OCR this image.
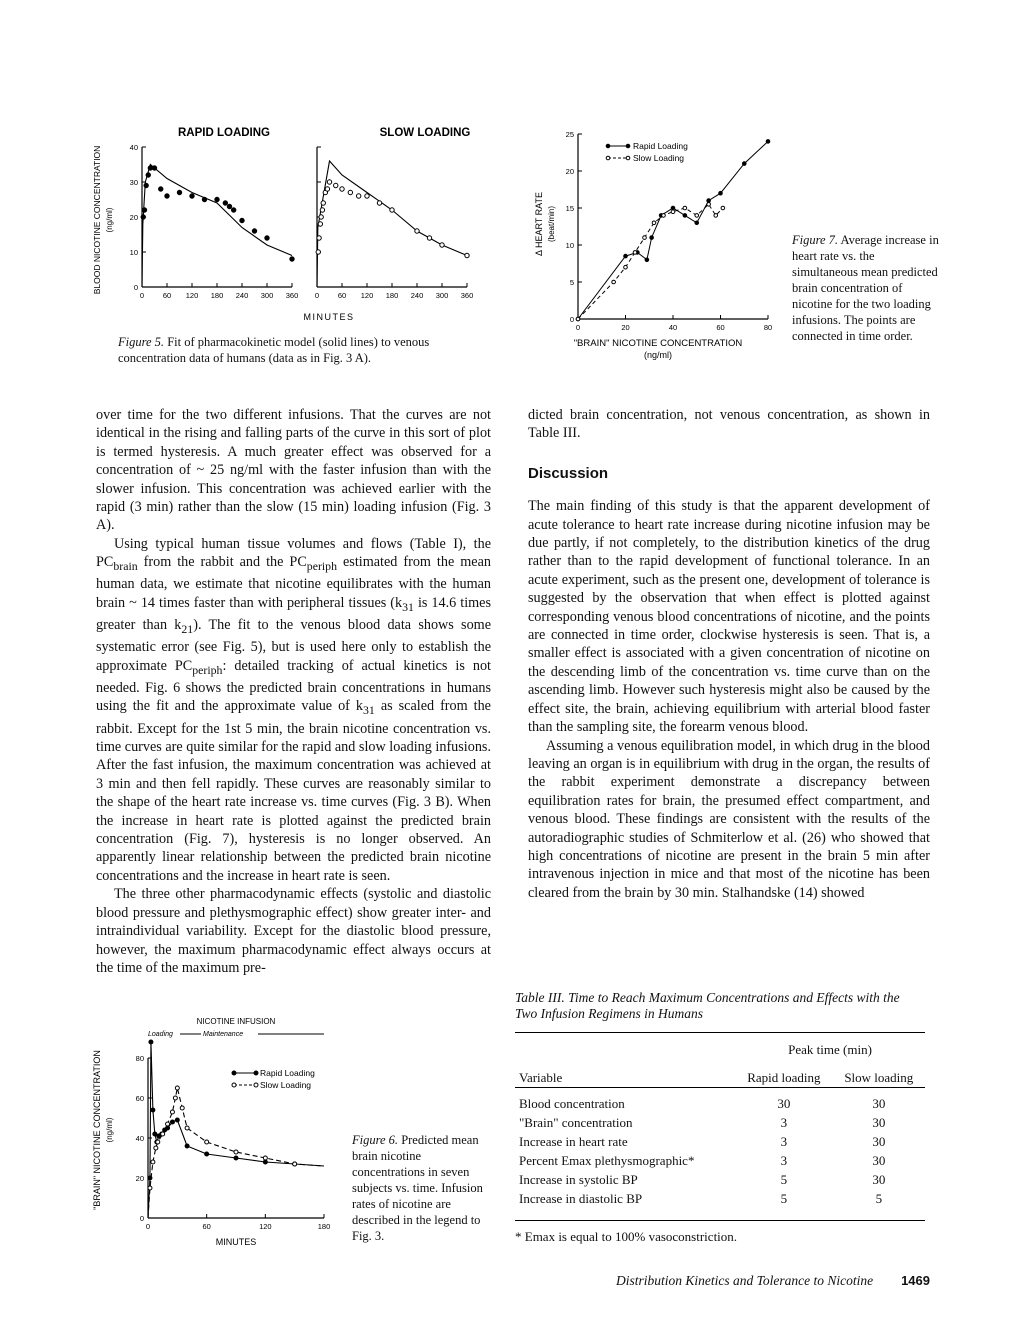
BLOOD NICOTINE CONCENTRATION (ng/ml)
MINUTES
RAPID LOADING
0 60 120 180 240 300 360
0
10
20
30
40
SLOW LOADING
0 60 120 180 240 300 360
Figure 5. Fit of pharmacokinetic model (solid lines) to venous concentration data of humans (data as in Fig. 3 A).
Δ HEART RATE (beat/min)
"BRAIN" NICOTINE CONCENTRATION
(ng/ml)
0	20	40	60	80
0
5
10
15
20
25
Rapid Loading
Slow Loading
Figure 7. Average increase in heart rate vs. the simultaneous mean predicted brain concentration of nicotine for the two loading infusions. The points are connected in time order.

over time for the two different infusions. That the curves are not identical in the rising and falling parts of the curve in this sort of plot is termed hysteresis. A much greater effect was observed for a concentration of ~ 25 ng/ml with the faster infusion than with the slower infusion. This concentration was achieved earlier with the rapid (3 min) rather than the slow (15 min) loading infusion (Fig. 3 A).

Using typical human tissue volumes and flows (Table I), the $PC_{brain}$ from the rabbit and the $PC_{periph}$ estimated from the mean human data, we estimate that nicotine equilibrates with the human brain ~ 14 times faster than with peripheral tissues ($k_{31}$ is 14.6 times greater than $k_{21}$). The fit to the venous blood data shows some systematic error (see Fig. 5), but is used here only to establish the approximate $PC_{periph}$: detailed tracking of actual kinetics is not needed. Fig. 6 shows the predicted brain concentrations in humans using the fit and the approximate value of $k_{31}$ as scaled from the rabbit. Except for the 1st 5 min, the brain nicotine concentration vs. time curves are quite similar for the rapid and slow loading infusions. After the fast infusion, the maximum concentration was achieved at 3 min and then fell rapidly. These curves are reasonably similar to the shape of the heart rate increase vs. time curves (Fig. 3 B). When the increase in heart rate is plotted against the predicted brain concentration (Fig. 7), hysteresis is no longer observed. An apparently linear relationship between the predicted brain nicotine concentrations and the increase in heart rate is seen.

The three other pharmacodynamic effects (systolic and diastolic blood pressure and plethysmographic effect) show greater inter- and intraindividual variability. Except for the diastolic blood pressure, however, the maximum pharmacodynamic effect always occurs at the time of the maximum pre-

dicted brain concentration, not venous concentration, as shown in Table III.

Discussion

The main finding of this study is that the apparent development of acute tolerance to heart rate increase during nicotine infusion may be due partly, if not completely, to the distribution kinetics of the drug rather than to the rapid development of functional tolerance. In an acute experiment, such as the present one, development of tolerance is suggested by the observation that when effect is plotted against corresponding venous blood concentrations of nicotine, and the points are connected in time order, clockwise hysteresis is seen. That is, a smaller effect is associated with a given concentration of nicotine on the descending limb of the concentration vs. time curve than on the ascending limb. However such hysteresis might also be caused by the effect site, the brain, achieving equilibrium with arterial blood faster than the sampling site, the forearm venous blood.

Assuming a venous equilibration model, in which drug in the blood leaving an organ is in equilibrium with drug in the organ, the results of the rabbit experiment demonstrate a discrepancy between equilibration rates for brain, the presumed effect compartment, and venous blood. These findings are consistent with the results of the autoradiographic studies of Schmiterlow et al. (26) who showed that high concentrations of nicotine are present in the brain 5 min after intravenous injection in mice and that most of the nicotine has been cleared from the brain by 30 min. Stalhandske (14) showed

"BRAIN" NICOTINE CONCENTRATION (ng/ml)
MINUTES
NICOTINE INFUSION
Loading	Maintenance
0	60	120	180
0
20
40
60
80
Rapid Loading
Slow Loading
Figure 6. Predicted mean brain nicotine concentrations in seven subjects vs. time. Infusion rates of nicotine are described in the legend to Fig. 3.
Table III. Time to Reach Maximum Concentrations and Effects with the Two Infusion Regimens in Humans
	Peak time (min)	
Variable	Rapid loading	Slow loading

Blood concentration	30	30
"Brain" concentration	3	30
Increase in heart rate	3	30
Percent Emax plethysmographic*	3	30
Increase in systolic BP	5	30
Increase in diastolic BP	5	5

* Emax is equal to 100% vasoconstriction.
Distribution Kinetics and Tolerance to Nicotine 1469
